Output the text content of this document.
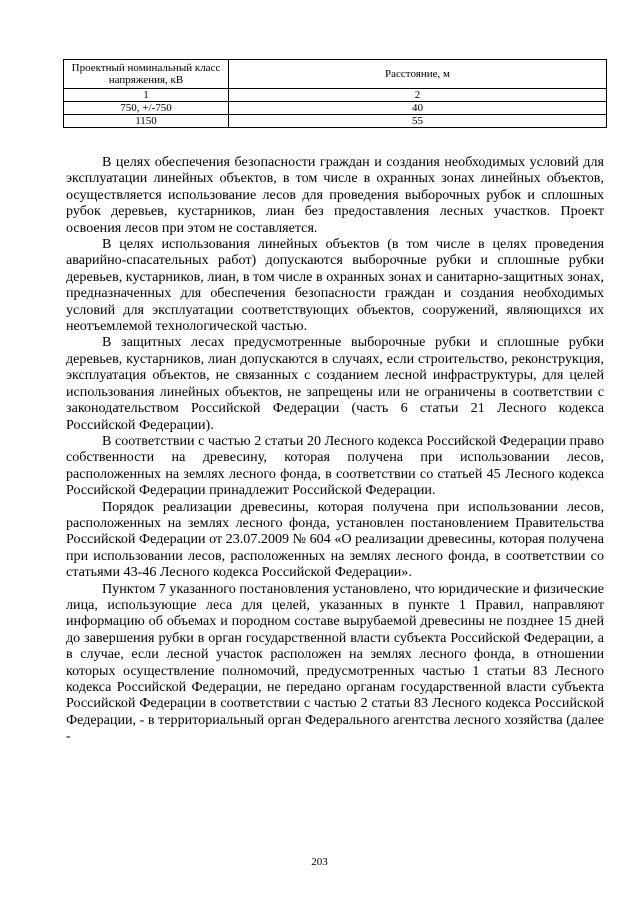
Проектный номинальный класс напряжения, кВ	Расстояние, м
1	2
750, +/-750	40
1150	55

В целях обеспечения безопасности граждан и создания необходимых условий для эксплуатации линейных объектов, в том числе в охранных зонах линейных объектов, осуществляется использование лесов для проведения выборочных рубок и сплошных рубок деревьев, кустарников, лиан без предоставления лесных участков. Проект освоения лесов при этом не составляется.

В целях использования линейных объектов (в том числе в целях проведения аварийно-спасательных работ) допускаются выборочные рубки и сплошные рубки деревьев, кустарников, лиан, в том числе в охранных зонах и санитарно-защитных зонах, предназначенных для обеспечения безопасности граждан и создания необходимых условий для эксплуатации соответствующих объектов, сооружений, являющихся их неотъемлемой технологической частью.

В защитных лесах предусмотренные выборочные рубки и сплошные рубки деревьев, кустарников, лиан допускаются в случаях, если строительство, реконструкция, эксплуатация объектов, не связанных с созданием лесной инфраструктуры, для целей использования линейных объектов, не запрещены или не ограничены в соответствии с законодательством Российской Федерации (часть 6 статьи 21 Лесного кодекса Российской Федерации).

В соответствии с частью 2 статьи 20 Лесного кодекса Российской Федерации право собственности на древесину, которая получена при использовании лесов, расположенных на землях лесного фонда, в соответствии со статьей 45 Лесного кодекса Российской Федерации принадлежит Российской Федерации.

Порядок реализации древесины, которая получена при использовании лесов, расположенных на землях лесного фонда, установлен постановлением Правительства Российской Федерации от 23.07.2009 № 604 «О реализации древесины, которая получена при использовании лесов, расположенных на землях лесного фонда, в соответствии со статьями 43-46 Лесного кодекса Российской Федерации».

Пунктом 7 указанного постановления установлено, что юридические и физические лица, использующие леса для целей, указанных в пункте 1 Правил, направляют информацию об объемах и породном составе вырубаемой древесины не позднее 15 дней до завершения рубки в орган государственной власти субъекта Российской Федерации, а в случае, если лесной участок расположен на землях лесного фонда, в отношении которых осуществление полномочий, предусмотренных частью 1 статьи 83 Лесного кодекса Российской Федерации, не передано органам государственной власти субъекта Российской Федерации в соответствии с частью 2 статьи 83 Лесного кодекса Российской Федерации, - в территориальный орган Федерального агентства лесного хозяйства (далее -

203
